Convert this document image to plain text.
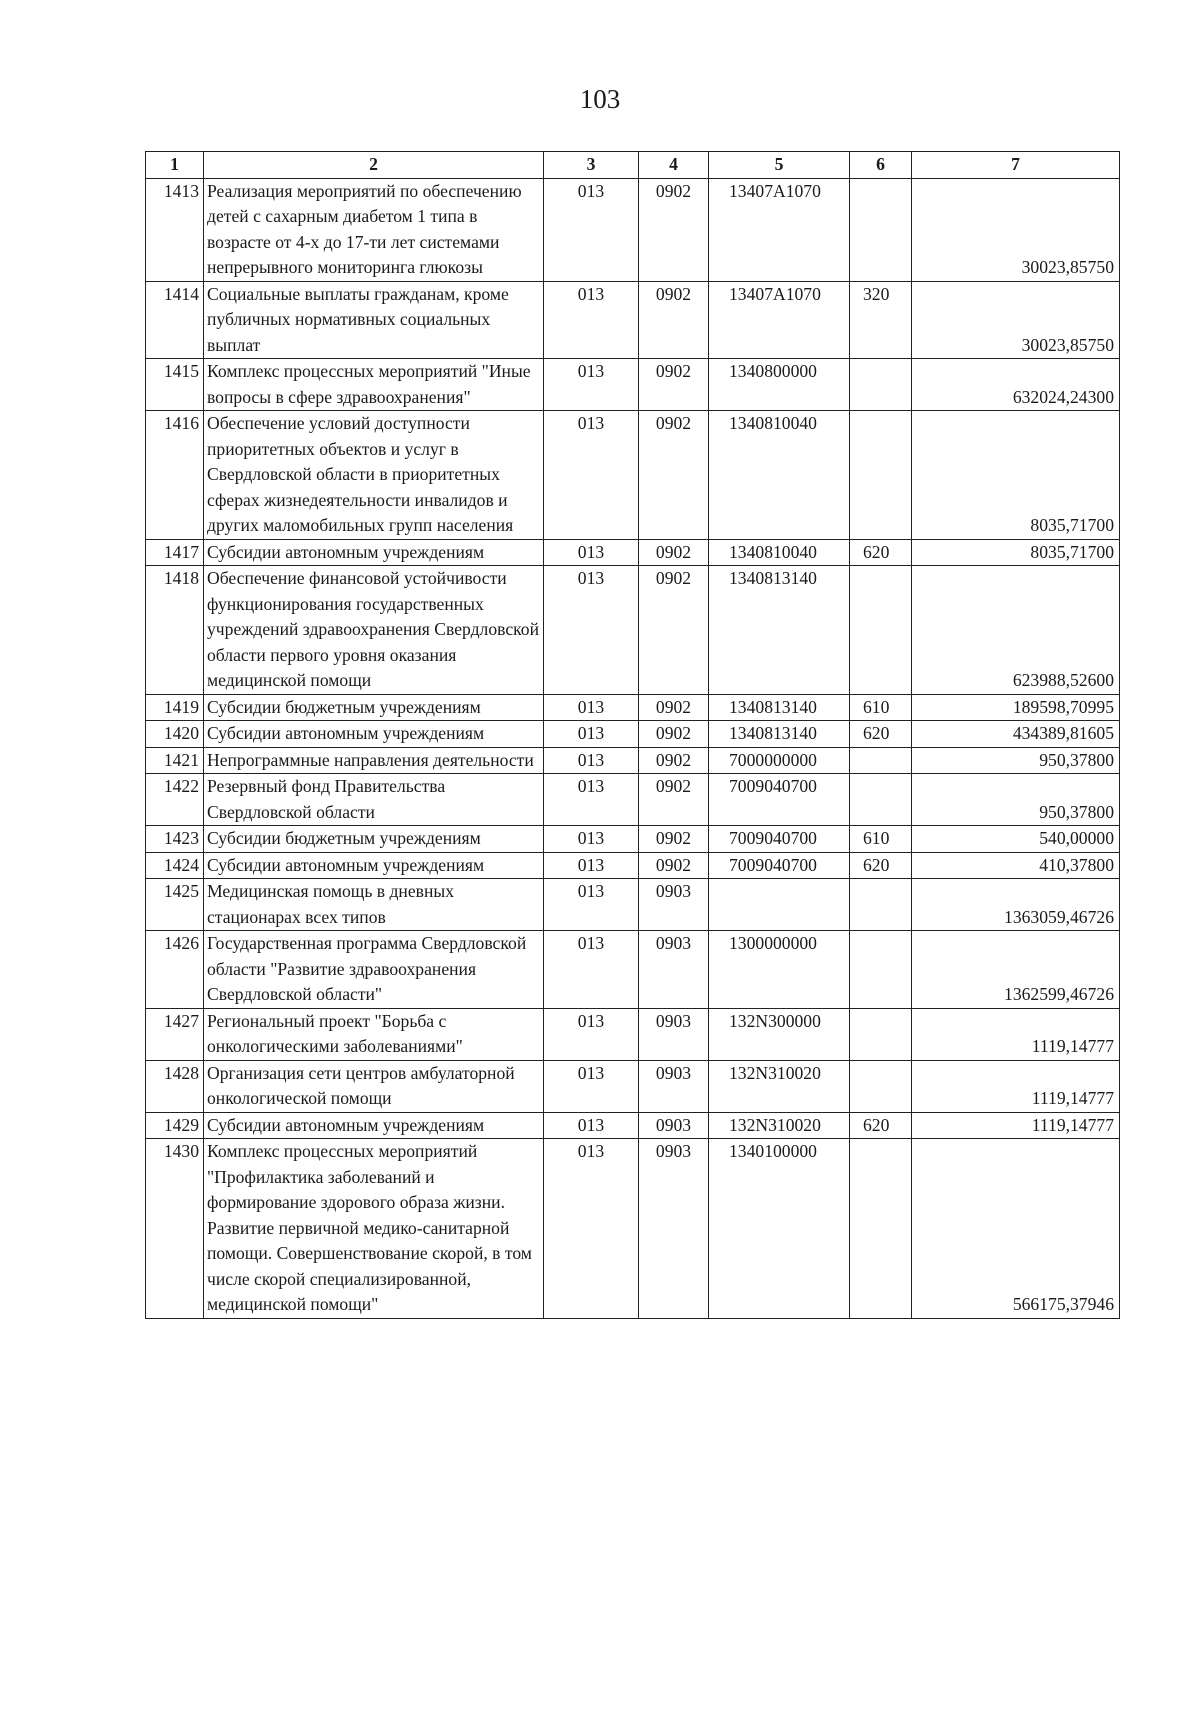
103
1	2	3	4	5	6	7
1413	Реализация мероприятий по обеспечению детей с сахарным диабетом 1 типа в возрасте от 4-х до 17-ти лет системами непрерывного мониторинга глюкозы	013	0902	13407А1070		30023,85750
1414	Социальные выплаты гражданам, кроме публичных нормативных социальных выплат	013	0902	13407А1070	320	30023,85750
1415	Комплекс процессных мероприятий "Иные вопросы в сфере здравоохранения"	013	0902	1340800000		632024,24300
1416	Обеспечение условий доступности приоритетных объектов и услуг в Свердловской области в приоритетных сферах жизнедеятельности инвалидов и других маломобильных групп населения	013	0902	1340810040		8035,71700
1417	Субсидии автономным учреждениям	013	0902	1340810040	620	8035,71700
1418	Обеспечение финансовой устойчивости функционирования государственных учреждений здравоохранения Свердловской области первого уровня оказания медицинской помощи	013	0902	1340813140		623988,52600
1419	Субсидии бюджетным учреждениям	013	0902	1340813140	610	189598,70995
1420	Субсидии автономным учреждениям	013	0902	1340813140	620	434389,81605
1421	Непрограммные направления деятельности	013	0902	7000000000		950,37800
1422	Резервный фонд Правительства Свердловской области	013	0902	7009040700		950,37800
1423	Субсидии бюджетным учреждениям	013	0902	7009040700	610	540,00000
1424	Субсидии автономным учреждениям	013	0902	7009040700	620	410,37800
1425	Медицинская помощь в дневных стационарах всех типов	013	0903			1363059,46726
1426	Государственная программа Свердловской области "Развитие здравоохранения Свердловской области"	013	0903	1300000000		1362599,46726
1427	Региональный проект "Борьба с онкологическими заболеваниями"	013	0903	132N300000		1119,14777
1428	Организация сети центров амбулаторной онкологической помощи	013	0903	132N310020		1119,14777
1429	Субсидии автономным учреждениям	013	0903	132N310020	620	1119,14777
1430	Комплекс процессных мероприятий "Профилактика заболеваний и формирование здорового образа жизни. Развитие первичной медико-санитарной помощи. Совершенствование скорой, в том числе скорой специализированной, медицинской помощи"	013	0903	1340100000		566175,37946
